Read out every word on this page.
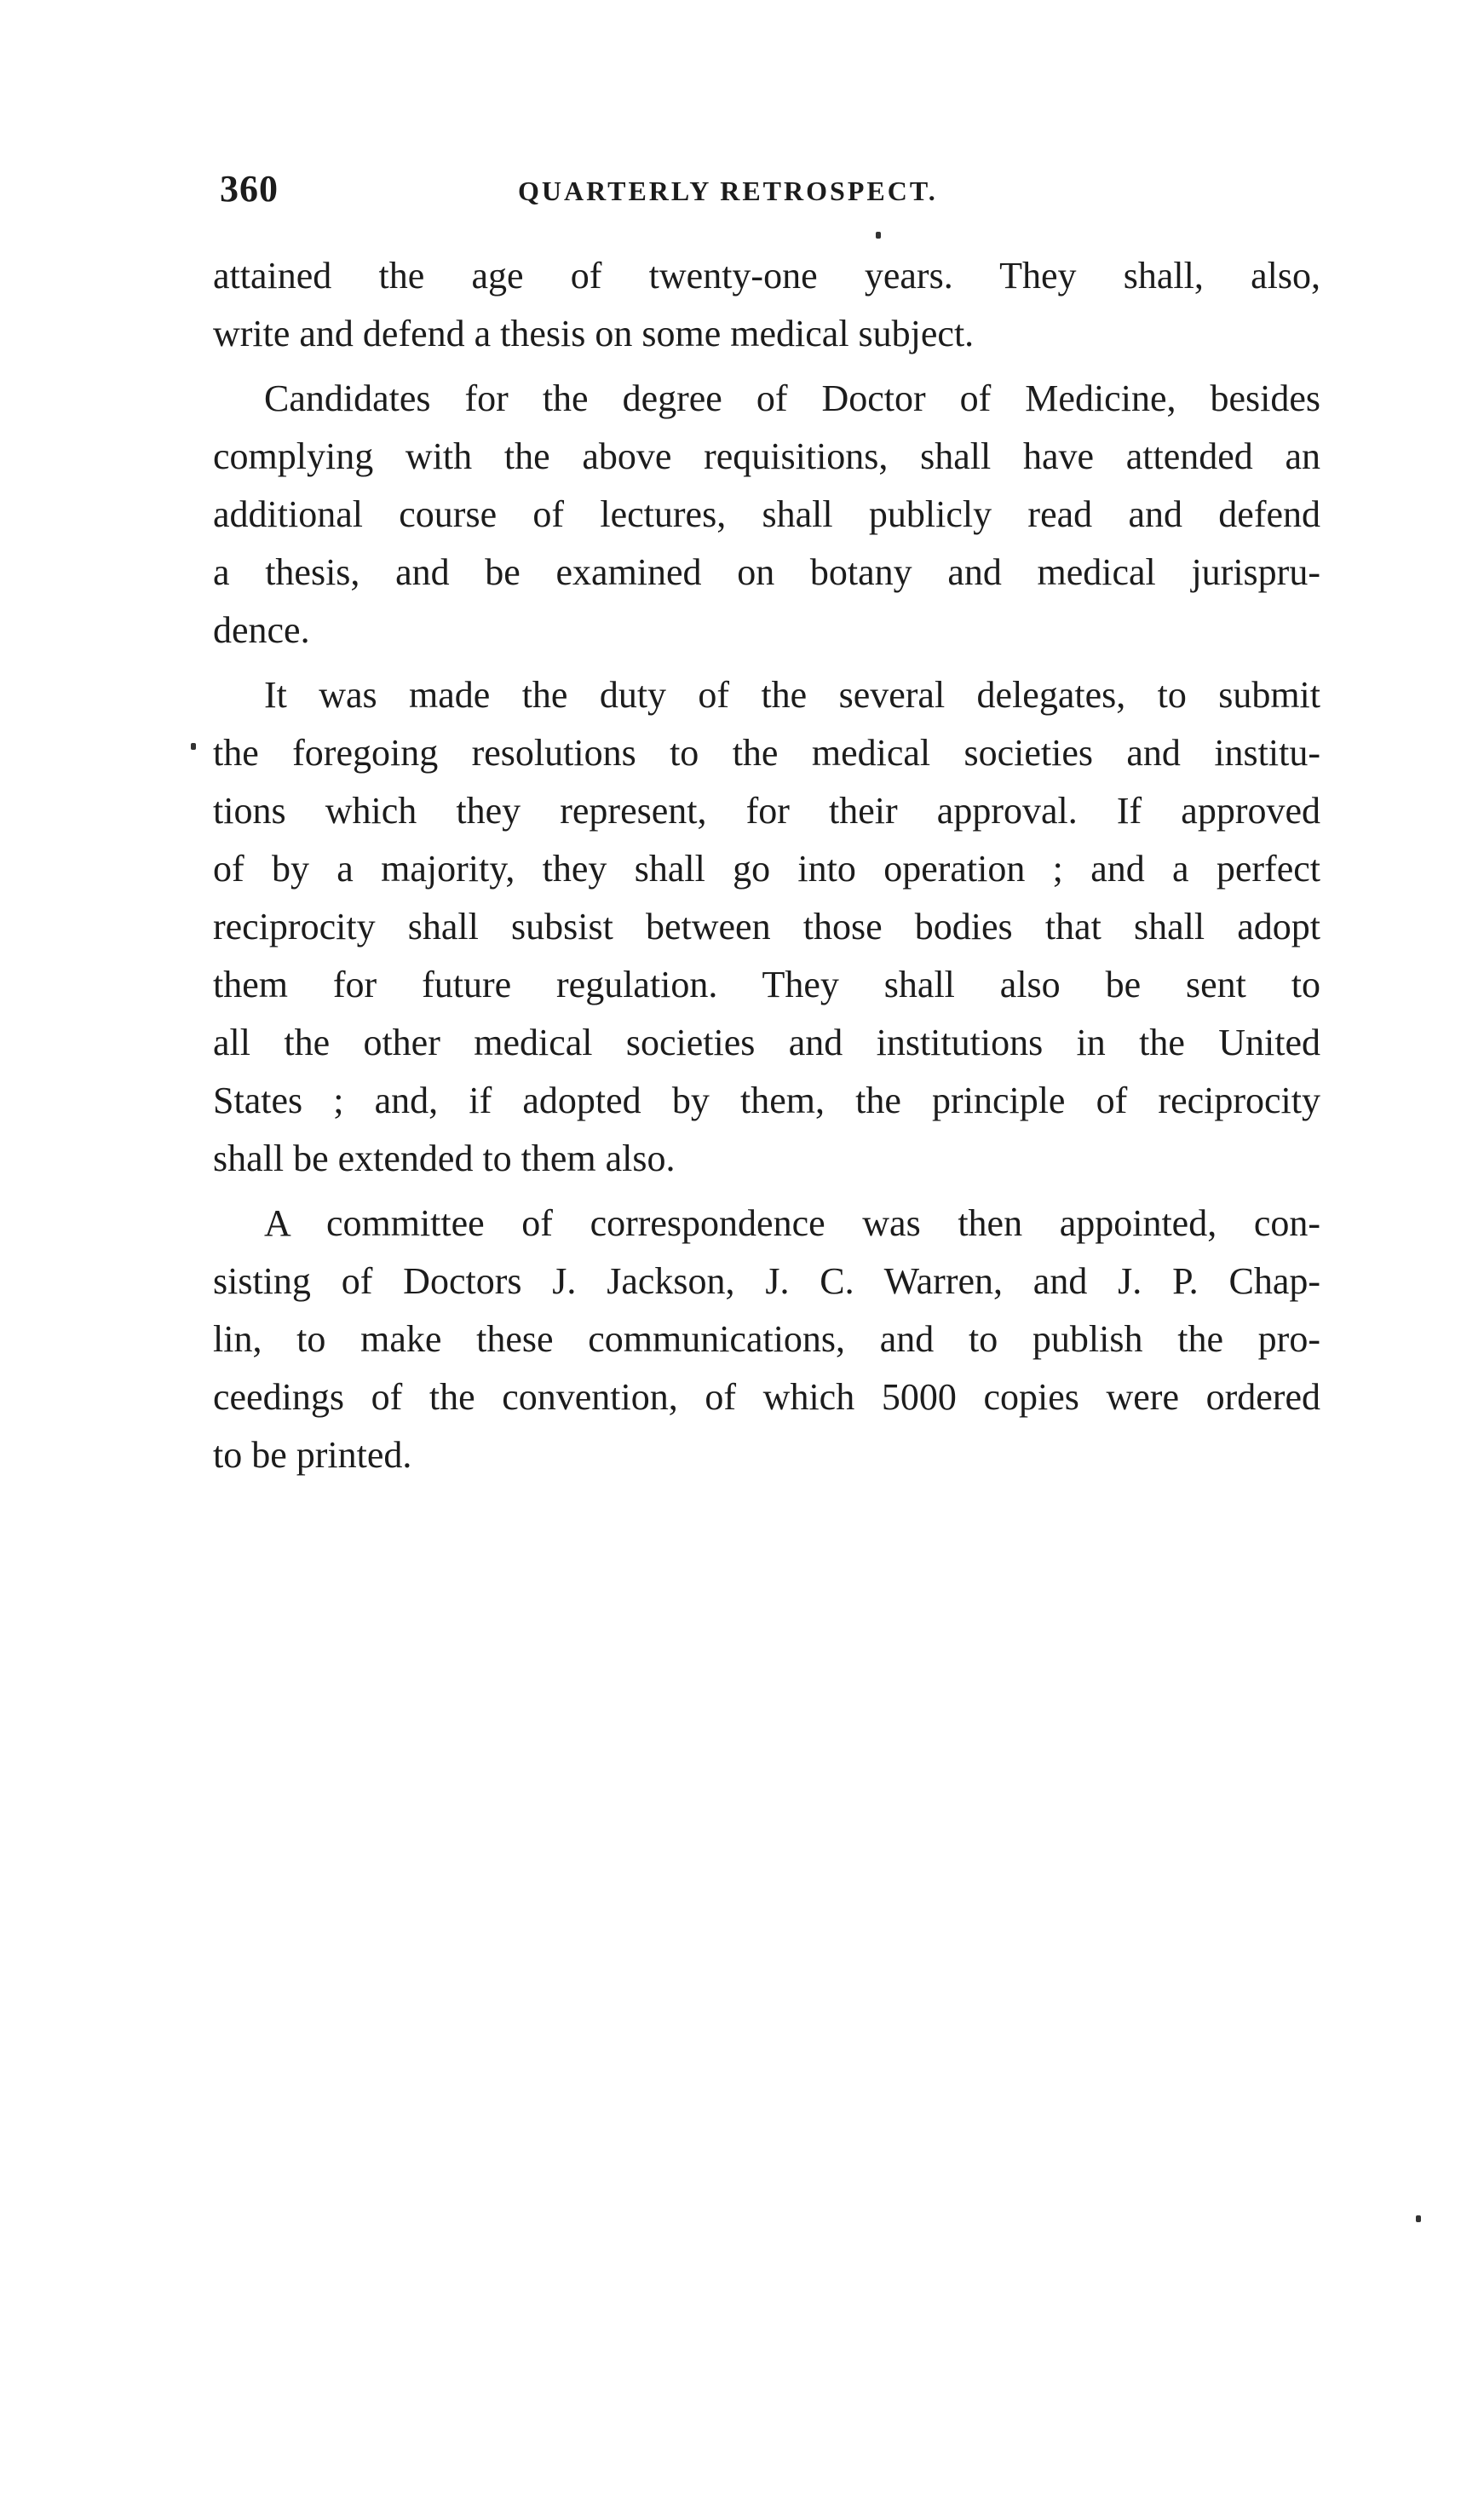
360	QUARTERLY RETROSPECT.
attained the age of twenty-one years. They shall, also,
write and defend a thesis on some medical subject.
Candidates for the degree of Doctor of Medicine, besides
complying with the above requisitions, shall have attended an
additional course of lectures, shall publicly read and defend
a thesis, and be examined on botany and medical jurispru-
dence.
It was made the duty of the several delegates, to submit
the foregoing resolutions to the medical societies and institu-
tions which they represent, for their approval. If approved
of by a majority, they shall go into operation ; and a perfect
reciprocity shall subsist between those bodies that shall adopt
them for future regulation. They shall also be sent to
all the other medical societies and institutions in the United
States ; and, if adopted by them, the principle of reciprocity
shall be extended to them also.
A committee of correspondence was then appointed, con-
sisting of Doctors J. Jackson, J. C. Warren, and J. P. Chap-
lin, to make these communications, and to publish the pro-
ceedings of the convention, of which 5000 copies were ordered
to be printed.
